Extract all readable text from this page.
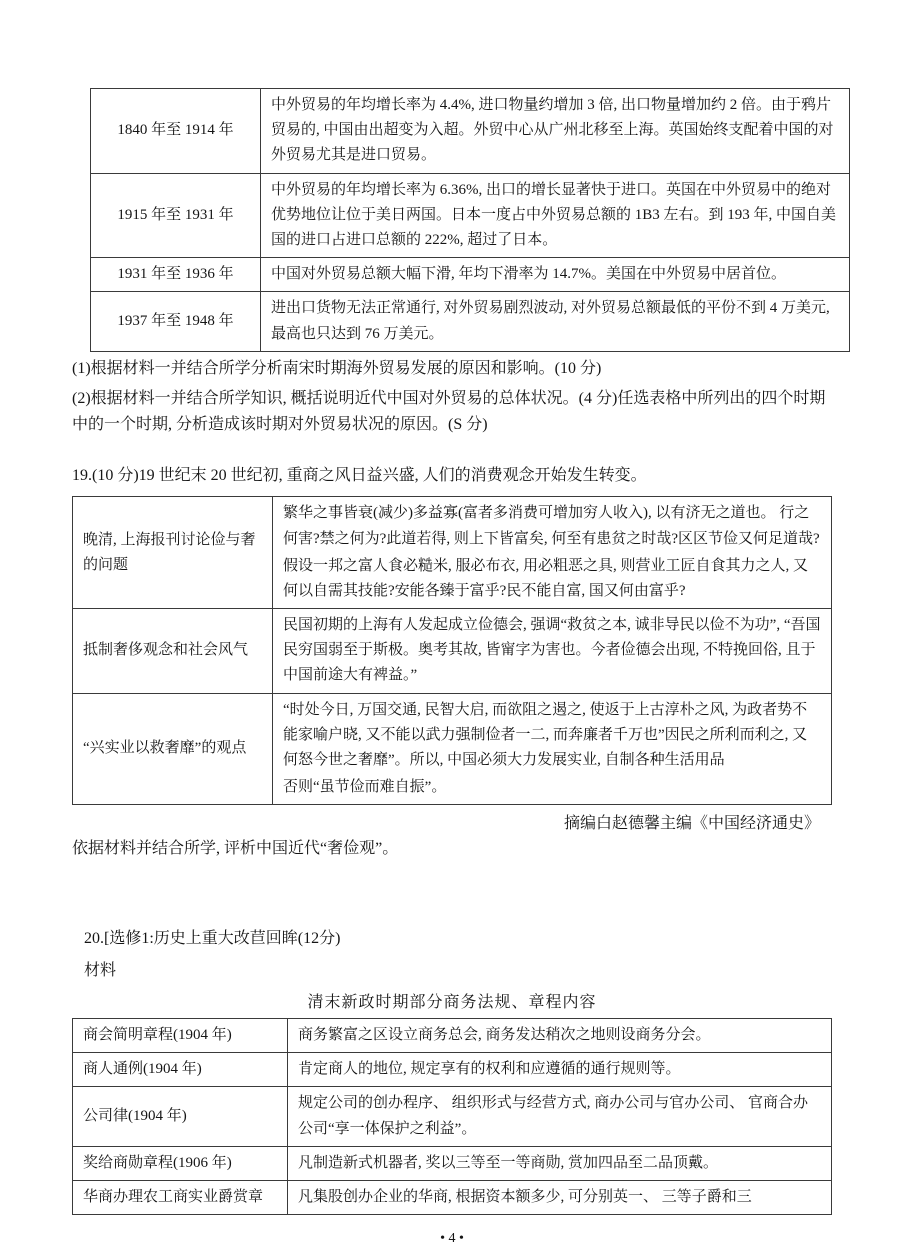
1840 年至 1914 年	中外贸易的年均增长率为 4.4%, 进口物量约增加 3 倍, 出口物量增加约 2 倍。由于鸦片贸易的, 中国由出超变为入超。外贸中心从广州北移至上海。英国始终支配着中国的对外贸易尤其是进口贸易。
1915 年至 1931 年	中外贸易的年均增长率为 6.36%, 出口的增长显著快于进口。英国在中外贸易中的绝对优势地位让位于美日两国。日本一度占中外贸易总额的 1B3 左右。到 193 年, 中国自美国的进口占进口总额的 222%, 超过了日本。
1931 年至 1936 年	中国对外贸易总额大幅下滑, 年均下滑率为 14.7%。美国在中外贸易中居首位。
1937 年至 1948 年	进出口货物无法正常通行, 对外贸易剧烈波动, 对外贸易总额最低的平份不到 4 万美元, 最高也只达到 76 万美元。

(1)根据材料一并结合所学分析南宋时期海外贸易发展的原因和影响。(10 分)

(2)根据材料一并结合所学知识, 概括说明近代中国对外贸易的总体状况。(4 分)任选表格中所列出的四个时期中的一个时期, 分析造成该时期对外贸易状况的原因。(S 分)

19.(10 分)19 世纪末 20 世纪初, 重商之风日益兴盛, 人们的消费观念开始发生转变。

晚清, 上海报刊讨论俭与奢的问题	繁华之事皆衰(减少)多益寡(富者多消费可增加穷人收入), 以有济无之道也。 行之何害?禁之何为?此道若得, 则上下皆富矣, 何至有患贫之时哉?区区节俭又何足道哉?

假设一邦之富人食必糙米, 服必布衣, 用必粗恶之具, 则营业工匠自食其力之人, 又何以自需其技能?安能各臻于富乎?民不能自富, 国又何由富乎?

抵制奢侈观念和社会风气	民国初期的上海有人发起成立俭德会, 强调“救贫之本, 诚非导民以俭不为功”, “吾国民穷国弱至于斯极。奥考其故, 皆甯字为害也。今者俭德会出现, 不特挽回俗, 且于中国前途大有裨益。”

“兴实业以救奢靡”的观点	“时处今日, 万国交通, 民智大启, 而欲阻之遏之, 使返于上古淳朴之风, 为政者势不能家喻户晓, 又不能以武力强制俭者一二, 而奔廉者千万也”因民之所利而利之, 又何怒今世之奢靡”。所以, 中国必须大力发展实业, 自制各种生活用品

否则“虽节俭而难自振”。

摘编白赵德馨主编《中国经济通史》

依据材料并结合所学, 评析中国近代“奢俭观”。

20.[选修1:历史上重大改苣回眸(12分)

材料

清末新政时期部分商务法规、章程内容

商会简明章程(1904 年)	商务繁富之区设立商务总会, 商务发达稍次之地则设商务分会。
商人通例(1904 年)	肯定商人的地位, 规定享有的权利和应遵循的通行规则等。
公司律(1904 年)	规定公司的创办程序、 组织形式与经营方式, 商办公司与官办公司、 官商合办公司“享一体保护之利益”。
奖给商勋章程(1906 年)	凡制造新式机器者, 奖以三等至一等商勋, 赏加四品至二品顶戴。
华商办理农工商实业爵赏章	凡集股创办企业的华商, 根据资本额多少, 可分别英一、 三等子爵和三
• 4 •
